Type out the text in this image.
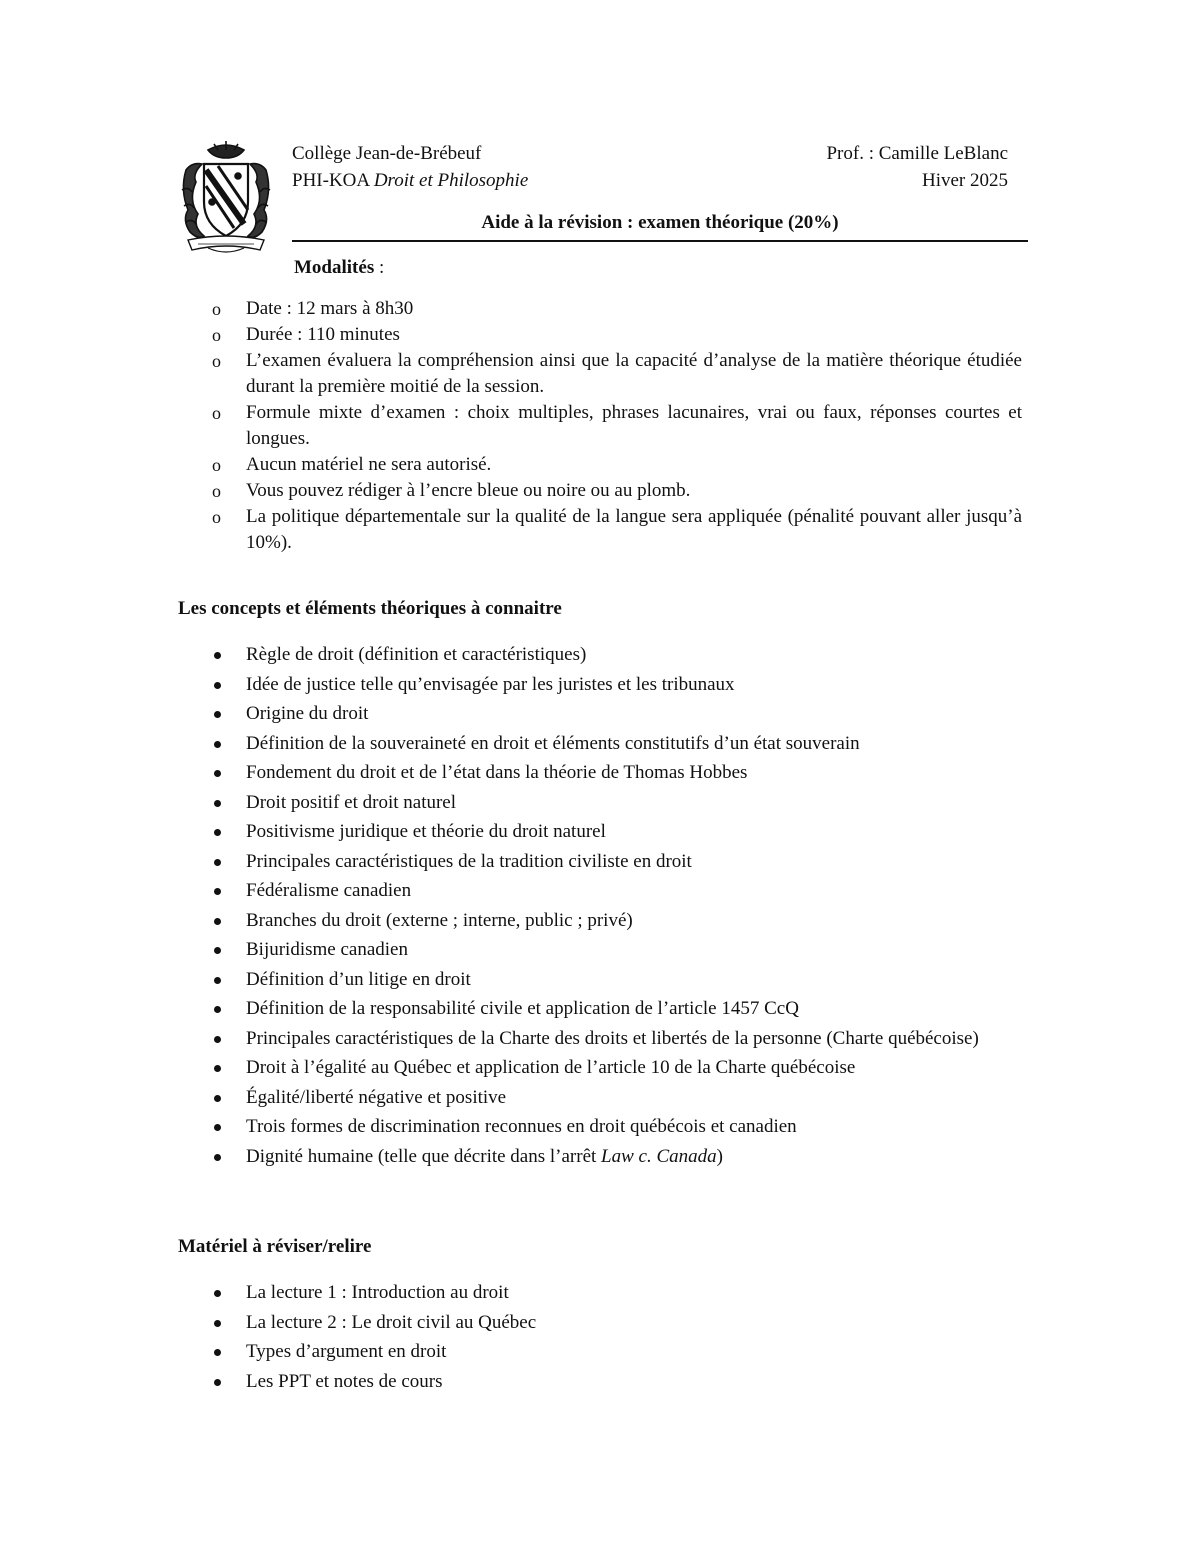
Collège Jean-de-Brébeuf	Prof. : Camille LeBlanc
PHI-KOA Droit et Philosophie	Hiver 2025
Aide à la révision : examen théorique (20%)
Modalités :
o Date : 12 mars à 8h30
o Durée : 110 minutes
o L’examen évaluera la compréhension ainsi que la capacité d’analyse de la matière théorique étudiée durant la première moitié de la session.
o Formule mixte d’examen : choix multiples, phrases lacunaires, vrai ou faux, réponses courtes et longues.
o Aucun matériel ne sera autorisé.
o Vous pouvez rédiger à l’encre bleue ou noire ou au plomb.
o La politique départementale sur la qualité de la langue sera appliquée (pénalité pouvant aller jusqu’à 10%).
Les concepts et éléments théoriques à connaitre
Règle de droit (définition et caractéristiques)
Idée de justice telle qu’envisagée par les juristes et les tribunaux
Origine du droit
Définition de la souveraineté en droit et éléments constitutifs d’un état souverain
Fondement du droit et de l’état dans la théorie de Thomas Hobbes
Droit positif et droit naturel
Positivisme juridique et théorie du droit naturel
Principales caractéristiques de la tradition civiliste en droit
Fédéralisme canadien
Branches du droit (externe ; interne, public ; privé)
Bijuridisme canadien
Définition d’un litige en droit
Définition de la responsabilité civile et application de l’article 1457 CcQ
Principales caractéristiques de la Charte des droits et libertés de la personne (Charte québécoise)
Droit à l’égalité au Québec et application de l’article 10 de la Charte québécoise
Égalité/liberté négative et positive
Trois formes de discrimination reconnues en droit québécois et canadien
Dignité humaine (telle que décrite dans l’arrêt Law c. Canada)
Matériel à réviser/relire
La lecture 1 : Introduction au droit
La lecture 2 : Le droit civil au Québec
Types d’argument en droit
Les PPT et notes de cours
